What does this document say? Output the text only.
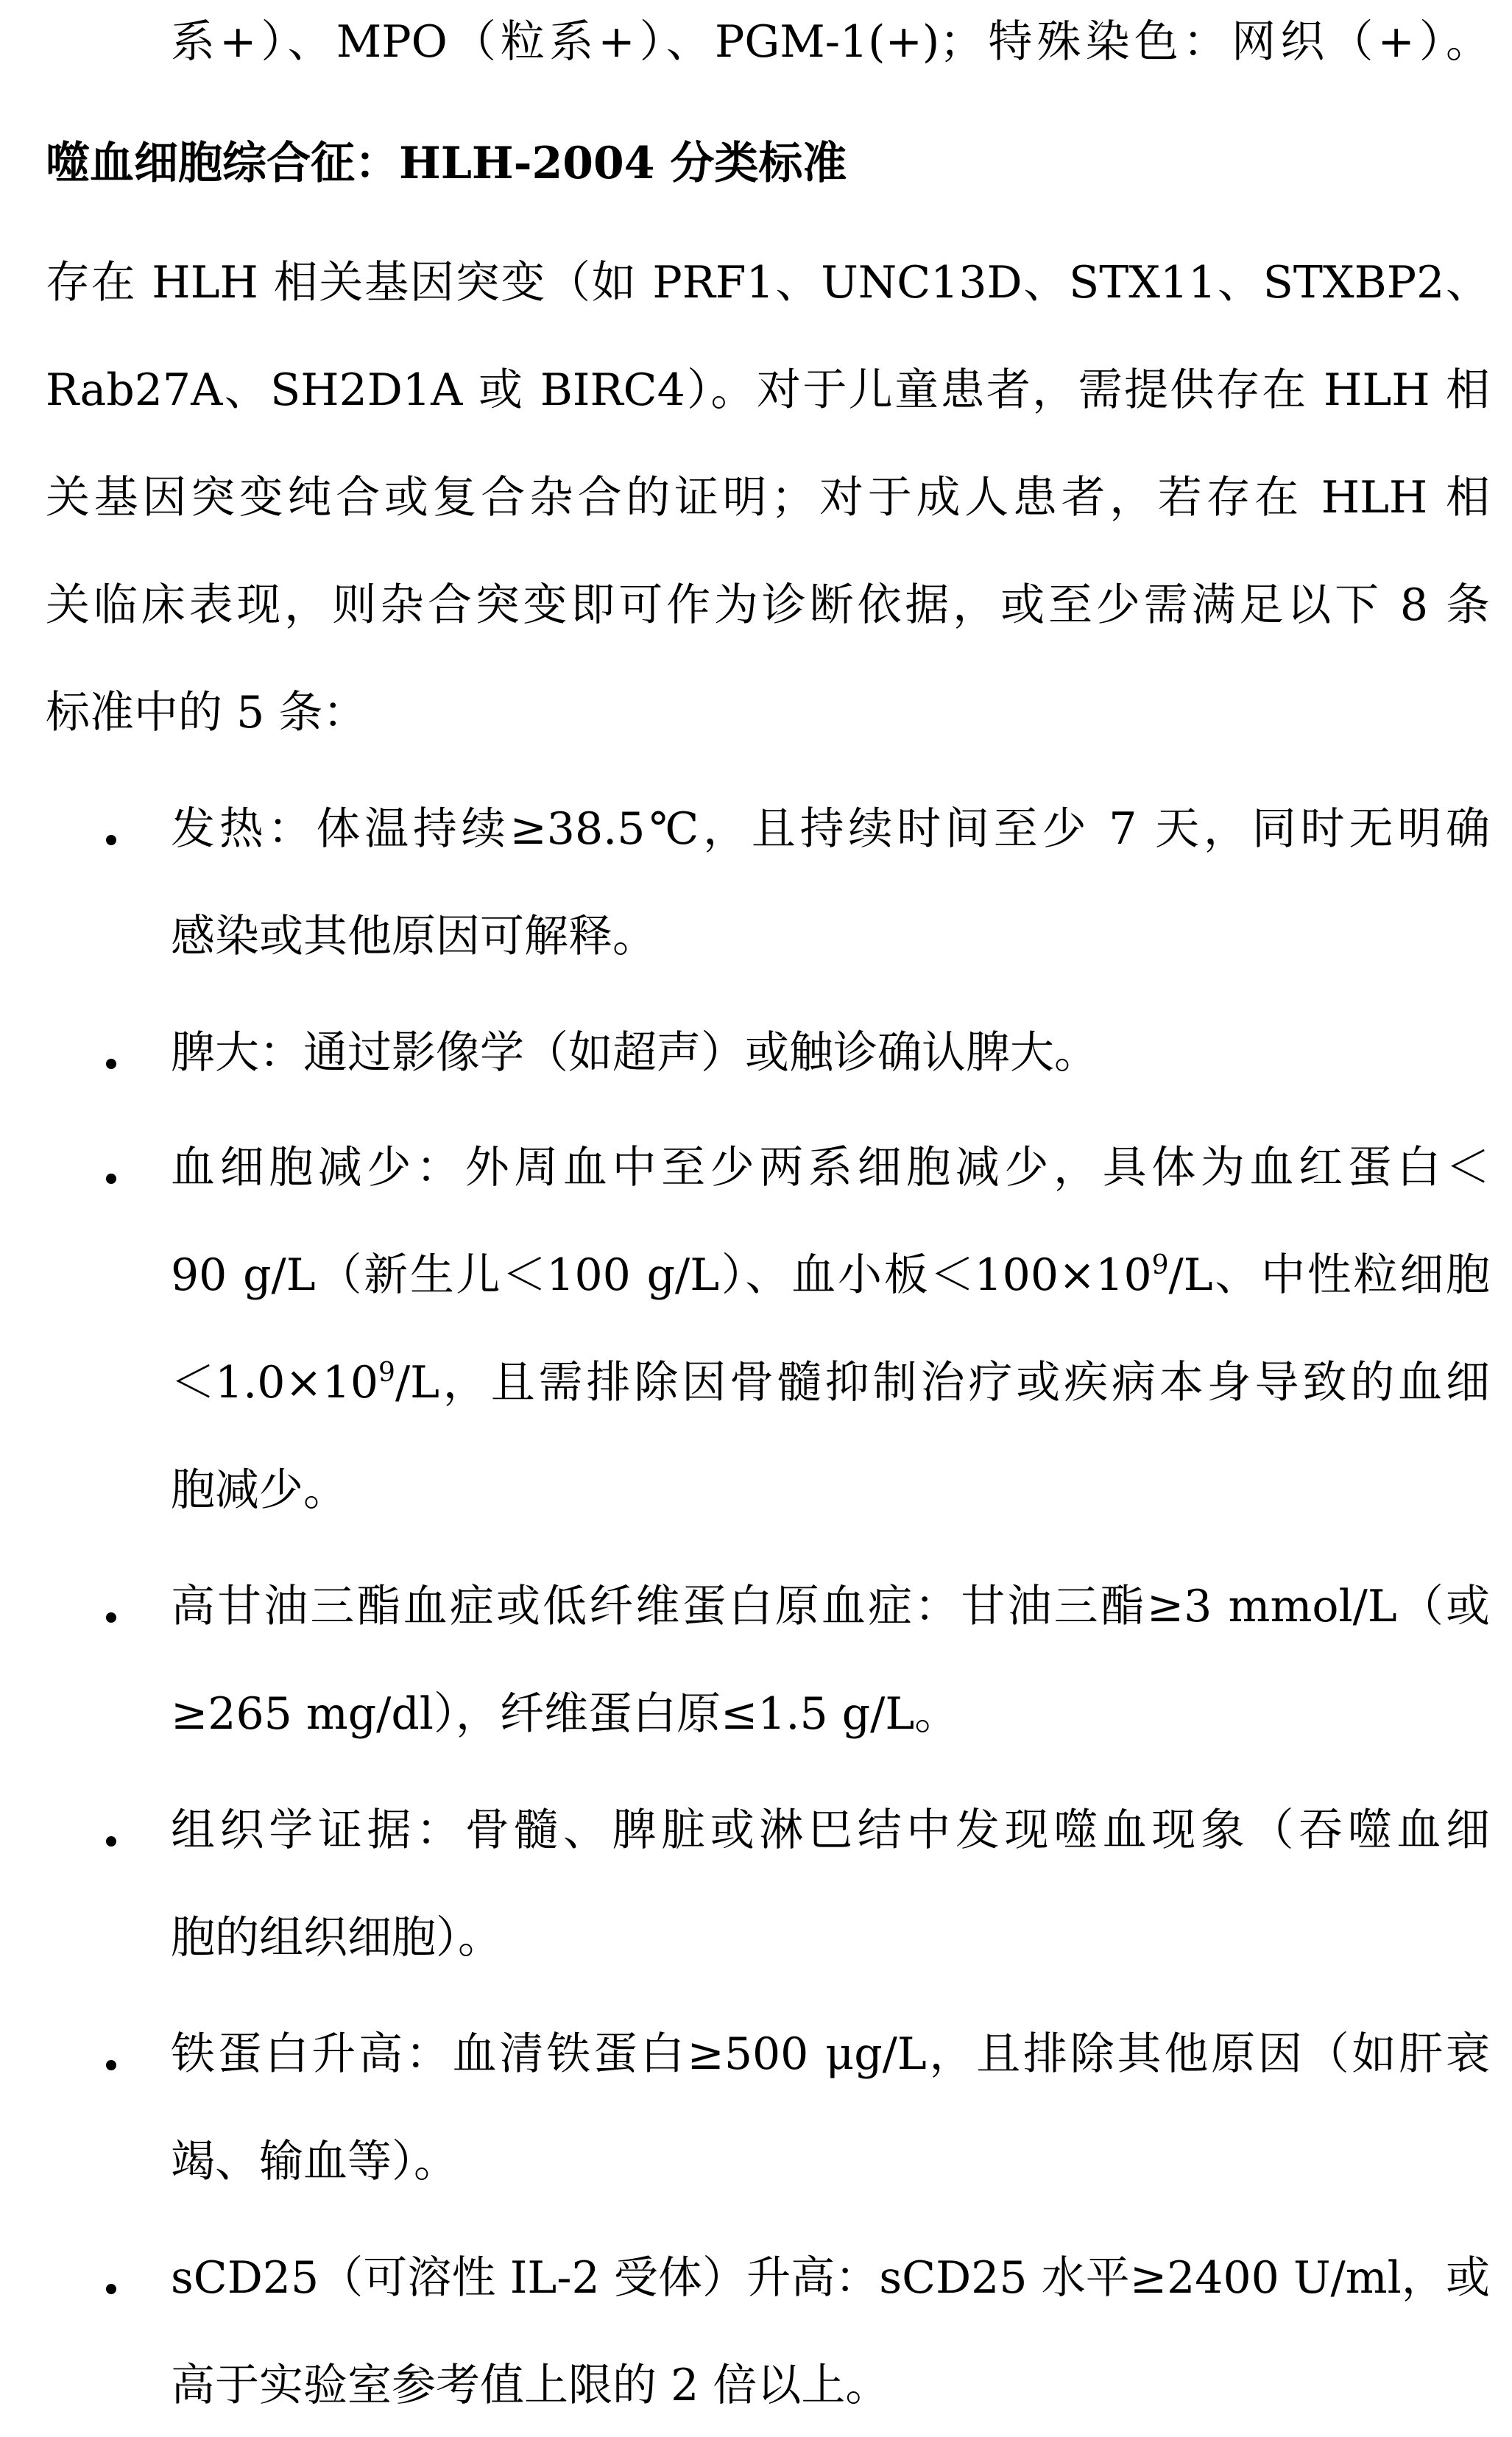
系+）、MPO（粒系+）、PGM-1(+)；特殊染色：网织（+）。
噬血细胞综合征：HLH-2004 分类标准
存在 HLH 相关基因突变（如 PRF1、UNC13D、STX11、STXBP2、
Rab27A、SH2D1A 或 BIRC4）。对于儿童患者，需提供存在 HLH 相
关基因突变纯合或复合杂合的证明；对于成人患者，若存在 HLH 相
关临床表现，则杂合突变即可作为诊断依据，或至少需满足以下 8 条
标准中的 5 条：
发热：体温持续≥38.5℃，且持续时间至少 7 天，同时无明确
感染或其他原因可解释。
脾大：通过影像学（如超声）或触诊确认脾大。
血细胞减少：外周血中至少两系细胞减少，具体为血红蛋白＜
90 g/L（新生儿＜100 g/L）、血小板$<100\times 10^9/L$、中性粒细胞
$<1.0\times 10^9/L$，且需排除因骨髓抑制治疗或疾病本身导致的血细
胞减少。
高甘油三酯血症或低纤维蛋白原血症：甘油三酯≥3 mmol/L（或
≥265 mg/dl），纤维蛋白原≤1.5 g/L。
组织学证据：骨髓、脾脏或淋巴结中发现噬血现象（吞噬血细
胞的组织细胞）。
铁蛋白升高：血清铁蛋白≥500 μg/L，且排除其他原因（如肝衰
竭、输血等）。
sCD25（可溶性 IL-2 受体）升高：sCD25 水平≥2400 U/ml，或
高于实验室参考值上限的 2 倍以上。
